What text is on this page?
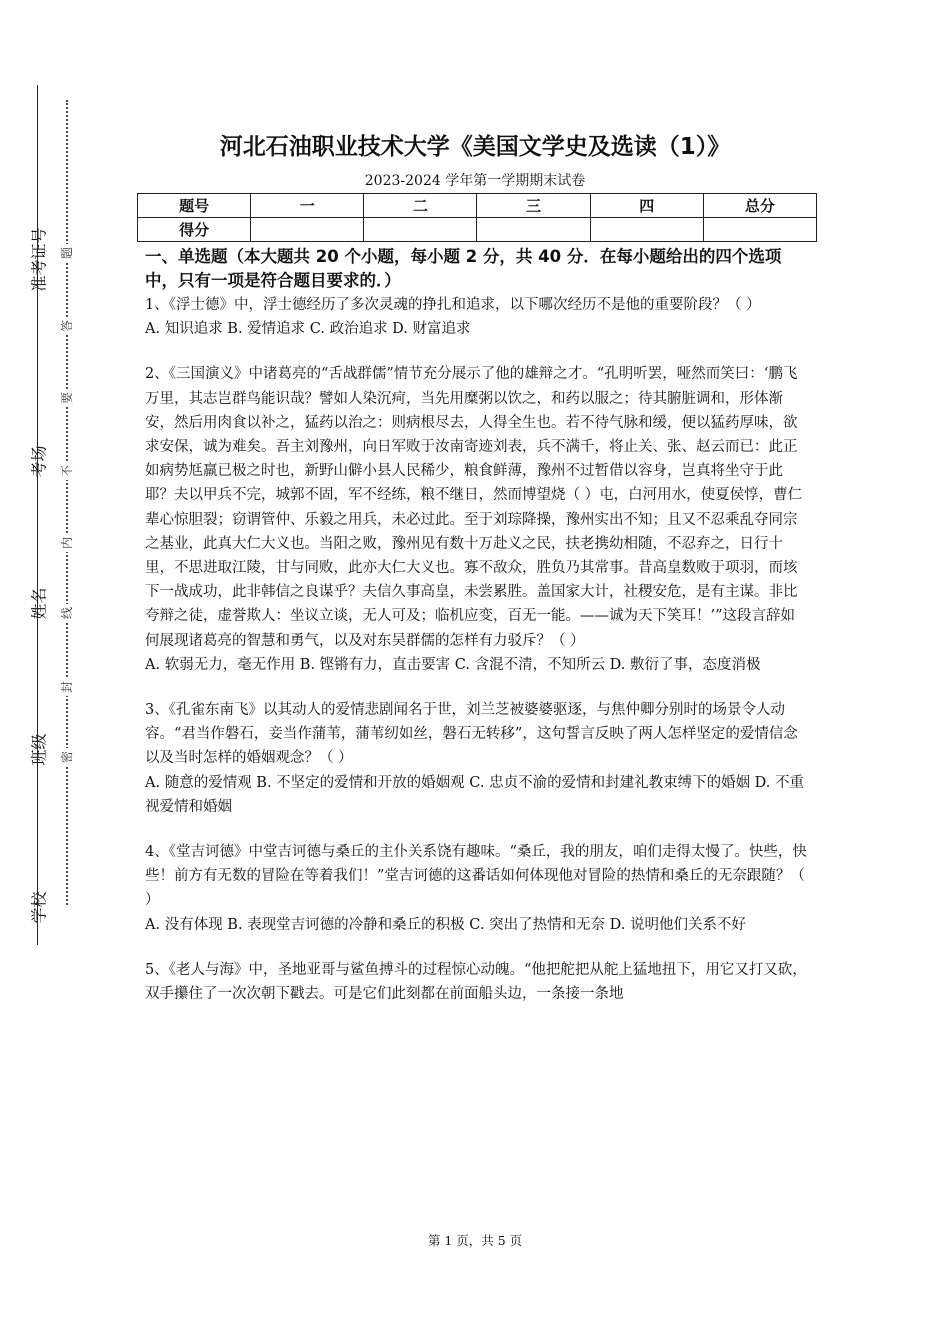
准考证号
考场
姓名
班级
学校
题
答
要
不
内
线
封
密
河北石油职业技术大学《美国文学史及选读（1）》
2023-2024 学年第一学期期末试卷
题号	一	二	三	四	总分
得分					

一、单选题（本大题共 20 个小题，每小题 2 分，共 40 分．在每小题给出的四个选项中，只有一项是符合题目要求的．）

1、《浮士德》中，浮士德经历了多次灵魂的挣扎和追求，以下哪次经历不是他的重要阶段？（ ）

A. 知识追求 B. 爱情追求 C. 政治追求 D. 财富追求

2、《三国演义》中诸葛亮的“舌战群儒”情节充分展示了他的雄辩之才。“孔明听罢，哑然而笑曰：‘鹏飞万里，其志岂群鸟能识哉？譬如人染沉疴，当先用糜粥以饮之，和药以服之；待其腑脏调和，形体渐安，然后用肉食以补之，猛药以治之：则病根尽去，人得全生也。若不待气脉和缓，便以猛药厚味，欲求安保，诚为难矣。吾主刘豫州，向日军败于汝南寄迹刘表，兵不满千，将止关、张、赵云而已：此正如病势尪羸已极之时也，新野山僻小县人民稀少，粮食鲜薄，豫州不过暂借以容身，岂真将坐守于此耶？夫以甲兵不完，城郭不固，军不经练，粮不继日，然而博望烧（ ）屯，白河用水，使夏侯惇，曹仁辈心惊胆裂；窃谓管仲、乐毅之用兵，未必过此。至于刘琮降操，豫州实出不知；且又不忍乘乱夺同宗之基业，此真大仁大义也。当阳之败，豫州见有数十万赴义之民，扶老携幼相随，不忍弃之，日行十里，不思进取江陵，甘与同败，此亦大仁大义也。寡不敌众，胜负乃其常事。昔高皇数败于项羽，而垓下一战成功，此非韩信之良谋乎？夫信久事高皇，未尝累胜。盖国家大计，社稷安危，是有主谋。非比夸辩之徒，虚誉欺人：坐议立谈，无人可及；临机应变，百无一能。——诚为天下笑耳！’”这段言辞如何展现诸葛亮的智慧和勇气，以及对东吴群儒的怎样有力驳斥？（ ）

A. 软弱无力，毫无作用 B. 铿锵有力，直击要害 C. 含混不清，不知所云 D. 敷衍了事，态度消极

3、《孔雀东南飞》以其动人的爱情悲剧闻名于世，刘兰芝被婆婆驱逐，与焦仲卿分别时的场景令人动容。“君当作磐石，妾当作蒲苇，蒲苇纫如丝，磐石无转移”，这句誓言反映了两人怎样坚定的爱情信念以及当时怎样的婚姻观念？（ ）

A. 随意的爱情观 B. 不坚定的爱情和开放的婚姻观 C. 忠贞不渝的爱情和封建礼教束缚下的婚姻 D. 不重视爱情和婚姻

4、《堂吉诃德》中堂吉诃德与桑丘的主仆关系饶有趣味。“桑丘，我的朋友，咱们走得太慢了。快些，快些！前方有无数的冒险在等着我们！”堂吉诃德的这番话如何体现他对冒险的热情和桑丘的无奈跟随？（ ）

A. 没有体现 B. 表现堂吉诃德的冷静和桑丘的积极 C. 突出了热情和无奈 D. 说明他们关系不好

5、《老人与海》中，圣地亚哥与鲨鱼搏斗的过程惊心动魄。“他把舵把从舵上猛地扭下，用它又打又砍，双手攥住了一次次朝下戳去。可是它们此刻都在前面船头边，一条接一条地

第 1 页，共 5 页
